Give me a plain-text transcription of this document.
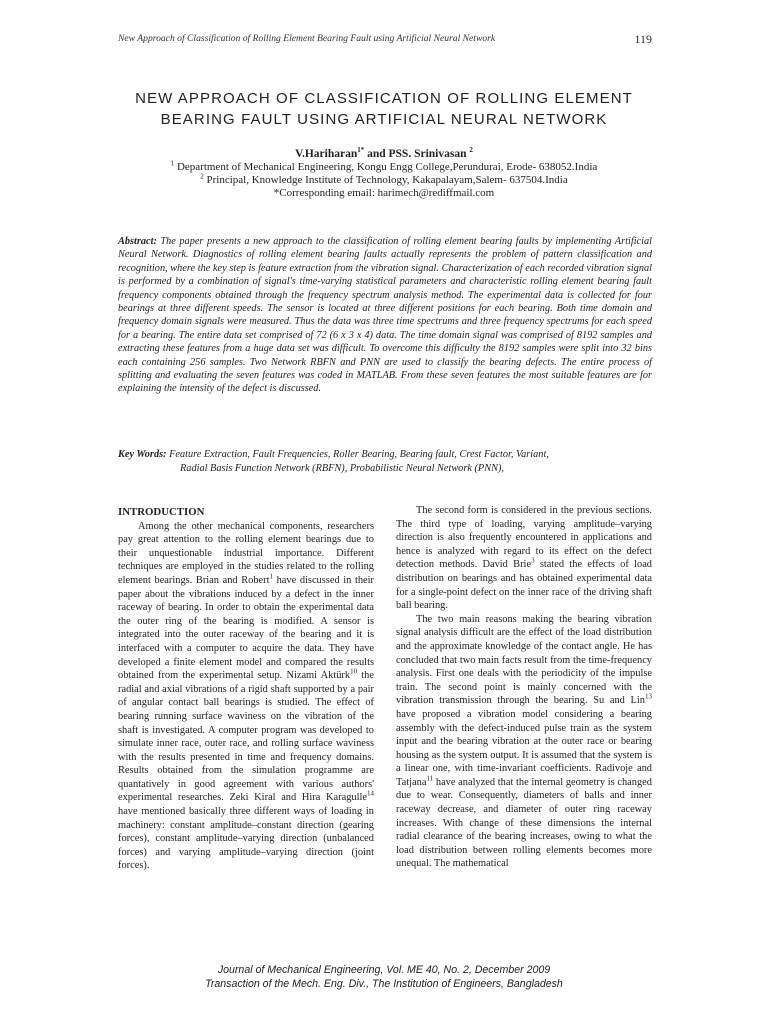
New Approach of Classification of Rolling Element Bearing Fault using Artificial Neural Network	119
NEW APPROACH OF CLASSIFICATION OF ROLLING ELEMENT
BEARING FAULT USING ARTIFICIAL NEURAL NETWORK
V.Hariharan$^{1*}$ and PSS. Srinivasan $^2$
$^1$ Department of Mechanical Engineering, Kongu Engg College,Perundurai, Erode- 638052.India
$^2$ Principal, Knowledge Institute of Technology, Kakapalayam,Salem- 637504.India
*Corresponding email: harimech@rediffmail.com
Abstract: The paper presents a new approach to the classification of rolling element bearing faults by implementing Artificial Neural Network. Diagnostics of rolling element bearing faults actually represents the problem of pattern classification and recognition, where the key step is feature extraction from the vibration signal. Characterization of each recorded vibration signal is performed by a combination of signal's time-varying statistical parameters and characteristic rolling element bearing fault frequency components obtained through the frequency spectrum analysis method. The experimental data is collected for four bearings at three different speeds. The sensor is located at three different positions for each bearing. Both time domain and frequency domain signals were measured. Thus the data was three time spectrums and three frequency spectrums for each speed for a bearing. The entire data set comprised of 72 (6 x 3 x 4) data. The time domain signal was comprised of 8192 samples and extracting these features from a huge data set was difficult. To overcome this difficulty the 8192 samples were split into 32 bins each containing 256 samples. Two Network RBFN and PNN are used to classify the bearing defects. The entire process of splitting and evaluating the seven features was coded in MATLAB. From these seven features the most suitable features are for explaining the intensity of the defect is discussed.
Key Words: Feature Extraction, Fault Frequencies, Roller Bearing, Bearing fault, Crest Factor, Variant,
Radial Basis Function Network (RBFN), Probabilistic Neural Network (PNN),
INTRODUCTION

Among the other mechanical components, researchers pay great attention to the rolling element bearings due to their unquestionable industrial importance. Different techniques are employed in the studies related to the rolling element bearings. Brian and Robert$^1$ have discussed in their paper about the vibrations induced by a defect in the inner raceway of bearing. In order to obtain the experimental data the outer ring of the bearing is modified. A sensor is integrated into the outer raceway of the bearing and it is interfaced with a computer to acquire the data. They have developed a finite element model and compared the results obtained from the experimental setup. Nizami Aktürk$^{10}$ the radial and axial vibrations of a rigid shaft supported by a pair of angular contact ball bearings is studied. The effect of bearing running surface waviness on the vibration of the shaft is investigated. A computer program was developed to simulate inner race, outer race, and rolling surface waviness with the results presented in time and frequency domains. Results obtained from the simulation programme are quantatively in good agreement with various authors' experimental researches. Zeki Kiral and Hira Karagulle$^{14}$ have mentioned basically three different ways of loading in machinery: constant amplitude–constant direction (gearing forces), constant amplitude–varying direction (unbalanced forces) and varying amplitude–varying direction (joint forces).

The second form is considered in the previous sections. The third type of loading, varying amplitude–varying direction is also frequently encountered in applications and hence is analyzed with regard to its effect on the defect detection methods. David Brie$^3$ stated the effects of load distribution on bearings and has obtained experimental data for a single-point defect on the inner race of the driving shaft ball bearing.

The two main reasons making the bearing vibration signal analysis difficult are the effect of the load distribution and the approximate knowledge of the contact angle. He has concluded that two main facts result from the time-frequency analysis. First one deals with the periodicity of the impulse train. The second point is mainly concerned with the vibration transmission through the bearing. Su and Lin$^{13}$ have proposed a vibration model considering a bearing assembly with the defect-induced pulse train as the system input and the bearing vibration at the outer race or bearing housing as the system output. It is assumed that the system is a linear one, with time-invariant coefficients. Radivoje and Tatjana$^{11}$ have analyzed that the internal geometry is changed due to wear. Consequently, diameters of balls and inner raceway decrease, and diameter of outer ring raceway increases. With change of these dimensions the internal radial clearance of the bearing increases, owing to what the load distribution between rolling elements becomes more unequal. The mathematical

Journal of Mechanical Engineering, Vol. ME 40, No. 2, December 2009
Transaction of the Mech. Eng. Div., The Institution of Engineers, Bangladesh
